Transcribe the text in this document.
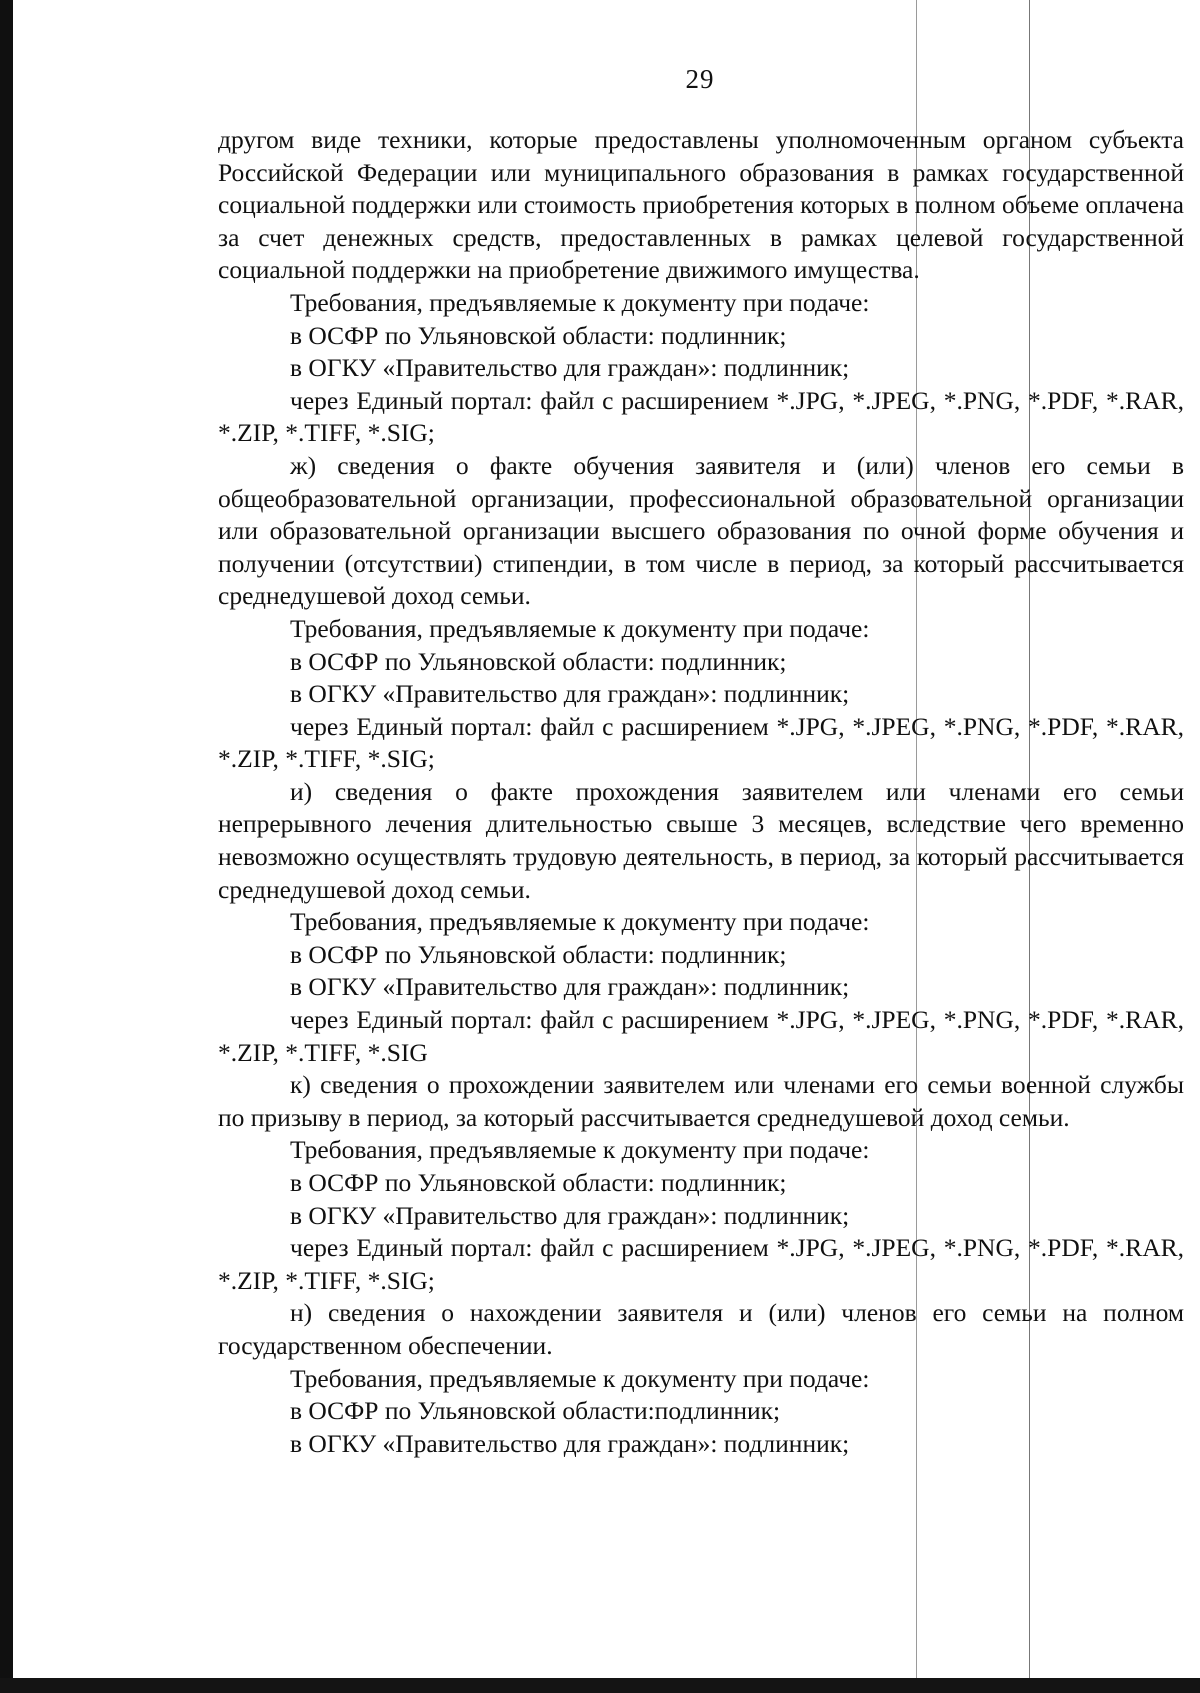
29

другом виде техники, которые предоставлены уполномоченным органом субъекта Российской Федерации или муниципального образования в рамках государственной социальной поддержки или стоимость приобретения которых в полном объеме оплачена за счет денежных средств, предоставленных в рамках целевой государственной социальной поддержки на приобретение движимого имущества.

Требования, предъявляемые к документу при подаче:

в ОСФР по Ульяновской области: подлинник;

в ОГКУ «Правительство для граждан»: подлинник;

через Единый портал: файл с расширением *.JPG, *.JPEG, *.PNG, *.PDF, *.RAR, *.ZIP, *.TIFF, *.SIG;

ж) сведения о факте обучения заявителя и (или) членов его семьи в общеобразовательной организации, профессиональной образовательной организации или образовательной организации высшего образования по очной форме обучения и получении (отсутствии) стипендии, в том числе в период, за который рассчитывается среднедушевой доход семьи.

Требования, предъявляемые к документу при подаче:

в ОСФР по Ульяновской области: подлинник;

в ОГКУ «Правительство для граждан»: подлинник;

через Единый портал: файл с расширением *.JPG, *.JPEG, *.PNG, *.PDF, *.RAR, *.ZIP, *.TIFF, *.SIG;

и) сведения о факте прохождения заявителем или членами его семьи непрерывного лечения длительностью свыше 3 месяцев, вследствие чего временно невозможно осуществлять трудовую деятельность, в период, за который рассчитывается среднедушевой доход семьи.

Требования, предъявляемые к документу при подаче:

в ОСФР по Ульяновской области: подлинник;

в ОГКУ «Правительство для граждан»: подлинник;

через Единый портал: файл с расширением *.JPG, *.JPEG, *.PNG, *.PDF, *.RAR, *.ZIP, *.TIFF, *.SIG

к) сведения о прохождении заявителем или членами его семьи военной службы по призыву в период, за который рассчитывается среднедушевой доход семьи.

Требования, предъявляемые к документу при подаче:

в ОСФР по Ульяновской области: подлинник;

в ОГКУ «Правительство для граждан»: подлинник;

через Единый портал: файл с расширением *.JPG, *.JPEG, *.PNG, *.PDF, *.RAR, *.ZIP, *.TIFF, *.SIG;

н) сведения о нахождении заявителя и (или) членов его семьи на полном государственном обеспечении.

Требования, предъявляемые к документу при подаче:

в ОСФР по Ульяновской области:подлинник;

в ОГКУ «Правительство для граждан»: подлинник;
